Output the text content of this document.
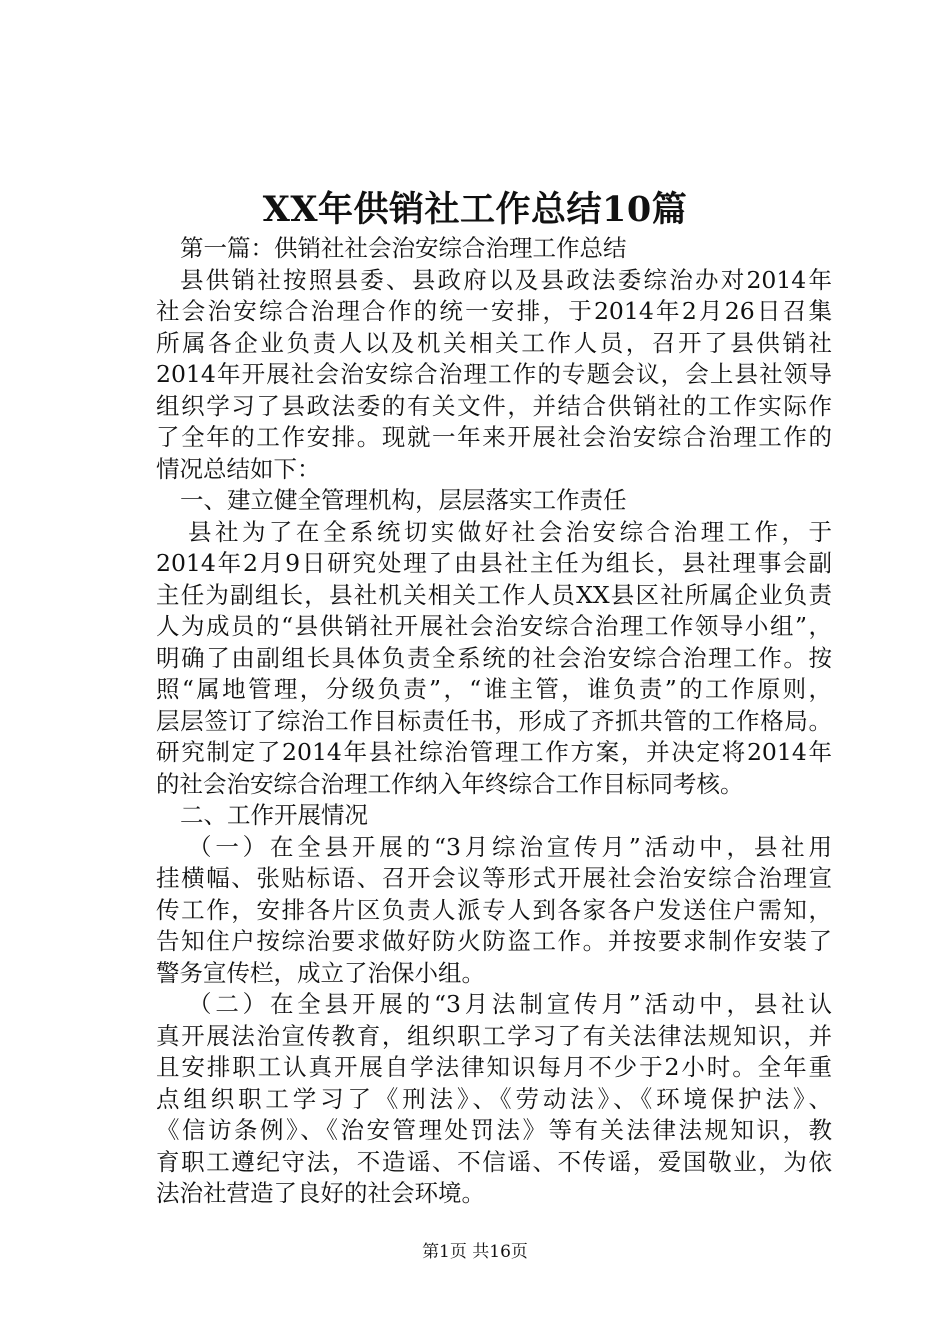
XX年供销社工作总结10篇
第一篇：供销社社会治安综合治理工作总结
县供销社按照县委、县政府以及县政法委综治办对2014年
社会治安综合治理合作的统一安排，于2014年2月26日召集
所属各企业负责人以及机关相关工作人员，召开了县供销社
2014年开展社会治安综合治理工作的专题会议，会上县社领导
组织学习了县政法委的有关文件，并结合供销社的工作实际作
了全年的工作安排。现就一年来开展社会治安综合治理工作的
情况总结如下：
一、建立健全管理机构，层层落实工作责任
县社为了在全系统切实做好社会治安综合治理工作，于
2014年2月9日研究处理了由县社主任为组长，县社理事会副
主任为副组长，县社机关相关工作人员XX县区社所属企业负责
人为成员的“县供销社开展社会治安综合治理工作领导小组”，
明确了由副组长具体负责全系统的社会治安综合治理工作。按
照“属地管理，分级负责”，“谁主管，谁负责”的工作原则，
层层签订了综治工作目标责任书，形成了齐抓共管的工作格局。
研究制定了2014年县社综治管理工作方案，并决定将2014年
的社会治安综合治理工作纳入年终综合工作目标同考核。
二、工作开展情况
（一）在全县开展的“3月综治宣传月”活动中，县社用
挂横幅、张贴标语、召开会议等形式开展社会治安综合治理宣
传工作，安排各片区负责人派专人到各家各户发送住户需知，
告知住户按综治要求做好防火防盗工作。并按要求制作安装了
警务宣传栏，成立了治保小组。
（二）在全县开展的“3月法制宣传月”活动中，县社认
真开展法治宣传教育，组织职工学习了有关法律法规知识，并
且安排职工认真开展自学法律知识每月不少于2小时。全年重
点组织职工学习了《刑法》、《劳动法》、《环境保护法》、
《信访条例》、《治安管理处罚法》等有关法律法规知识，教
育职工遵纪守法，不造谣、不信谣、不传谣，爱国敬业，为依
法治社营造了良好的社会环境。
第1页 共16页
